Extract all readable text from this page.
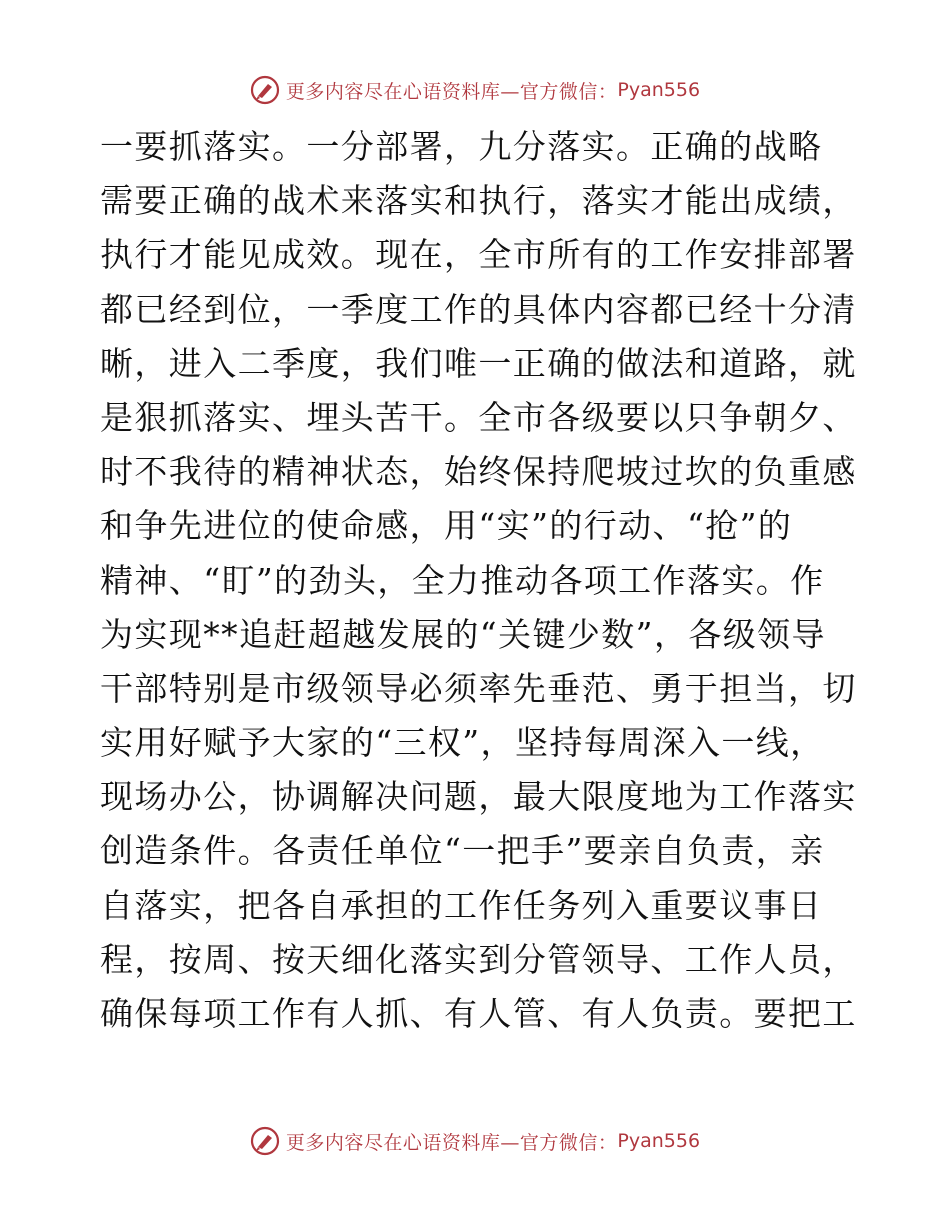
更多内容尽在心语资料库—官方微信： Pyan556
一要抓落实。一分部署，九分落实。正确的战略
需要正确的战术来落实和执行，落实才能出成绩，
执行才能见成效。现在，全市所有的工作安排部署
都已经到位，一季度工作的具体内容都已经十分清
晰，进入二季度，我们唯一正确的做法和道路，就
是狠抓落实、埋头苦干。全市各级要以只争朝夕、
时不我待的精神状态，始终保持爬坡过坎的负重感
和争先进位的使命感，用“实”的行动、“抢”的
精神、“盯”的劲头，全力推动各项工作落实。作
为实现**追赶超越发展的“关键少数”，各级领导
干部特别是市级领导必须率先垂范、勇于担当，切
实用好赋予大家的“三权”，坚持每周深入一线，
现场办公，协调解决问题，最大限度地为工作落实
创造条件。各责任单位“一把手”要亲自负责，亲
自落实，把各自承担的工作任务列入重要议事日
程，按周、按天细化落实到分管领导、工作人员，
确保每项工作有人抓、有人管、有人负责。要把工
更多内容尽在心语资料库—官方微信： Pyan556
